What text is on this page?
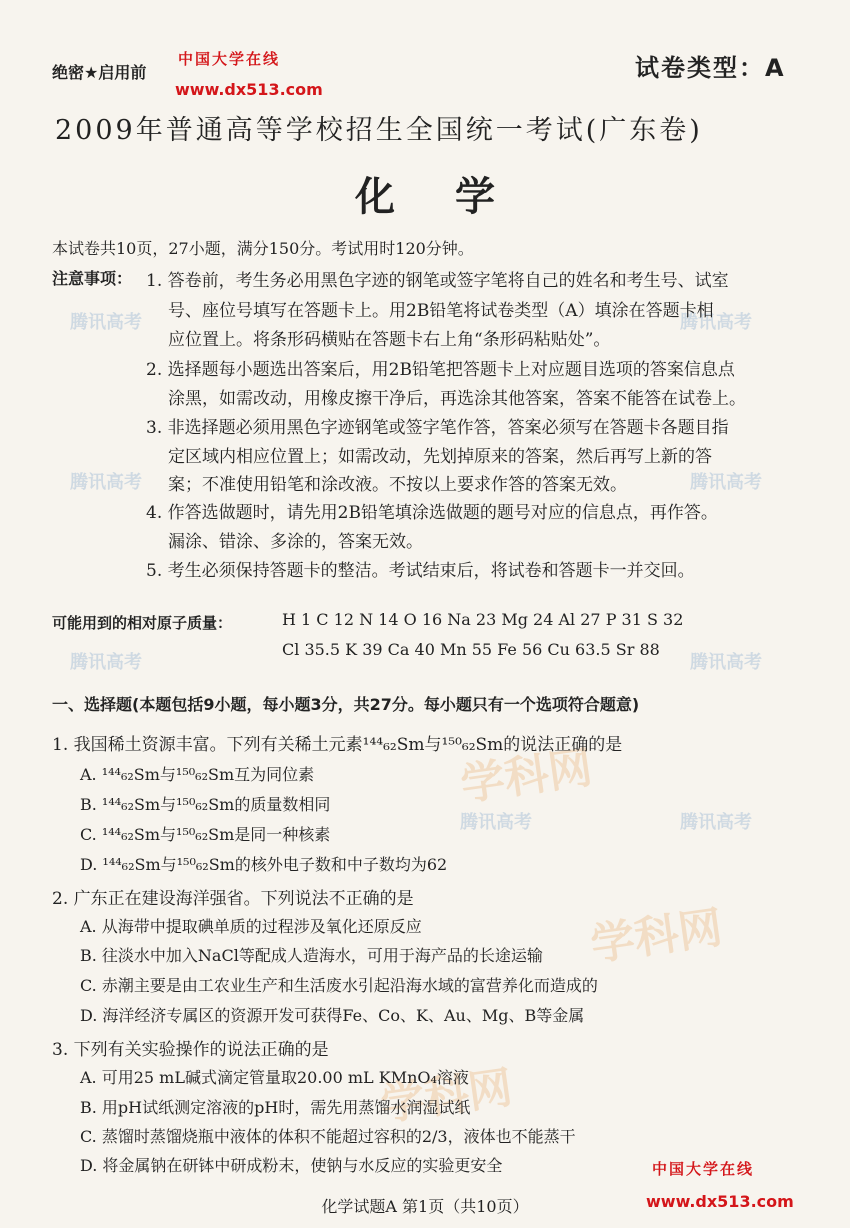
腾讯高考	腾讯高考
腾讯高考	腾讯高考
腾讯高考	腾讯高考
腾讯高考	腾讯高考
学科网
学科网
学科网
绝密★启用前
中国大学在线
www.dx513.com
试卷类型：A
2009年普通高等学校招生全国统一考试(广东卷)
化学
本试卷共10页，27小题，满分150分。考试用时120分钟。
注意事项： 1. 答卷前，考生务必用黑色字迹的钢笔或签字笔将自己的姓名和考生号、试室
号、座位号填写在答题卡上。用2B铅笔将试卷类型（A）填涂在答题卡相
应位置上。将条形码横贴在答题卡右上角“条形码粘贴处”。
2. 选择题每小题选出答案后，用2B铅笔把答题卡上对应题目选项的答案信息点
涂黑，如需改动，用橡皮擦干净后，再选涂其他答案，答案不能答在试卷上。
3. 非选择题必须用黑色字迹钢笔或签字笔作答，答案必须写在答题卡各题目指
定区域内相应位置上；如需改动，先划掉原来的答案，然后再写上新的答
案；不准使用铅笔和涂改液。不按以上要求作答的答案无效。
4. 作答选做题时，请先用2B铅笔填涂选做题的题号对应的信息点，再作答。
漏涂、错涂、多涂的，答案无效。
5. 考生必须保持答题卡的整洁。考试结束后，将试卷和答题卡一并交回。
可能用到的相对原子质量：	H 1 C 12 N 14 O 16 Na 23 Mg 24 Al 27 P 31 S 32
Cl 35.5 K 39 Ca 40 Mn 55 Fe 56 Cu 63.5 Sr 88
一、选择题(本题包括9小题，每小题3分，共27分。每小题只有一个选项符合题意)
1. 我国稀土资源丰富。下列有关稀土元素¹⁴⁴₆₂Sm与¹⁵⁰₆₂Sm的说法正确的是
A. ¹⁴⁴₆₂Sm与¹⁵⁰₆₂Sm互为同位素
B. ¹⁴⁴₆₂Sm与¹⁵⁰₆₂Sm的质量数相同
C. ¹⁴⁴₆₂Sm与¹⁵⁰₆₂Sm是同一种核素
D. ¹⁴⁴₆₂Sm与¹⁵⁰₆₂Sm的核外电子数和中子数均为62
2. 广东正在建设海洋强省。下列说法不正确的是
A. 从海带中提取碘单质的过程涉及氧化还原反应
B. 往淡水中加入NaCl等配成人造海水，可用于海产品的长途运输
C. 赤潮主要是由工农业生产和生活废水引起沿海水域的富营养化而造成的
D. 海洋经济专属区的资源开发可获得Fe、Co、K、Au、Mg、B等金属
3. 下列有关实验操作的说法正确的是
A. 可用25 mL碱式滴定管量取20.00 mL KMnO₄溶液
B. 用pH试纸测定溶液的pH时，需先用蒸馏水润湿试纸
C. 蒸馏时蒸馏烧瓶中液体的体积不能超过容积的2/3，液体也不能蒸干
D. 将金属钠在研钵中研成粉末，使钠与水反应的实验更安全	中国大学在线
化学试题A 第1页（共10页）	www.dx513.com
